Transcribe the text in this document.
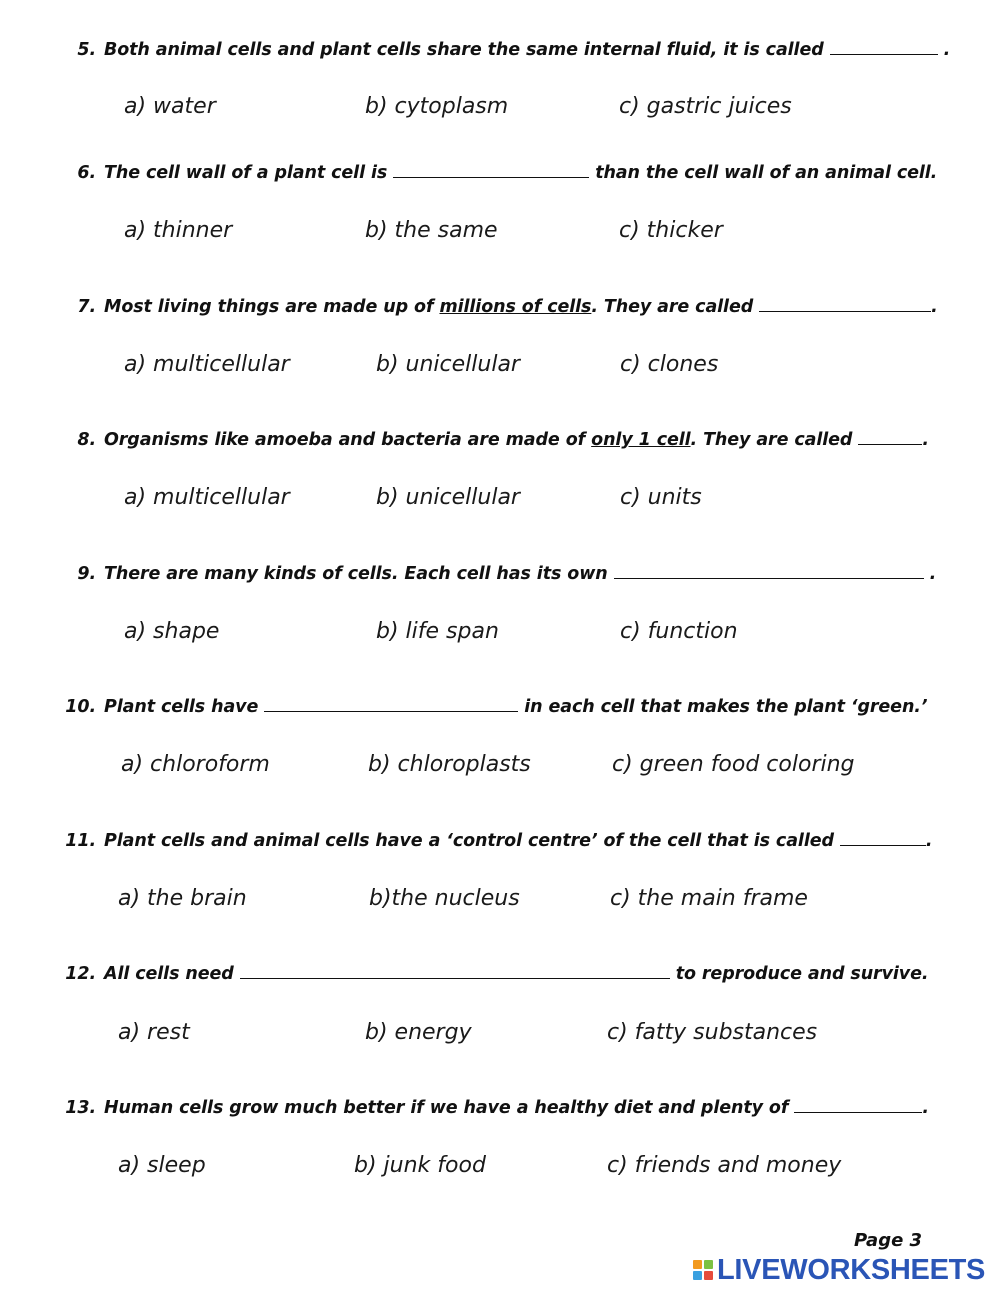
5. Both animal cells and plant cells share the same internal fluid, it is called	.
a) water	b) cytoplasm	c) gastric juices
6. The cell wall of a plant cell is	than the cell wall of an animal cell.
a) thinner	b) the same	c) thicker
7. Most living things are made up of millions of cells. They are called	.
a) multicellular	b) unicellular	c) clones
8. Organisms like amoeba and bacteria are made of only 1 cell. They are called	.
a) multicellular	b) unicellular	c) units
9. There are many kinds of cells. Each cell has its own	.
a) shape	b) life span	c) function
10. Plant cells have	in each cell that makes the plant ‘green.’
a) chloroform	b) chloroplasts	c) green food coloring
11. Plant cells and animal cells have a ‘control centre’ of the cell that is called	.
a) the brain	b)the nucleus	c) the main frame
12. All cells need	to reproduce and survive.
a) rest	b) energy	c) fatty substances
13. Human cells grow much better if we have a healthy diet and plenty of	.
a) sleep	b) junk food	c) friends and money
Page 3
LIVEWORKSHEETS
